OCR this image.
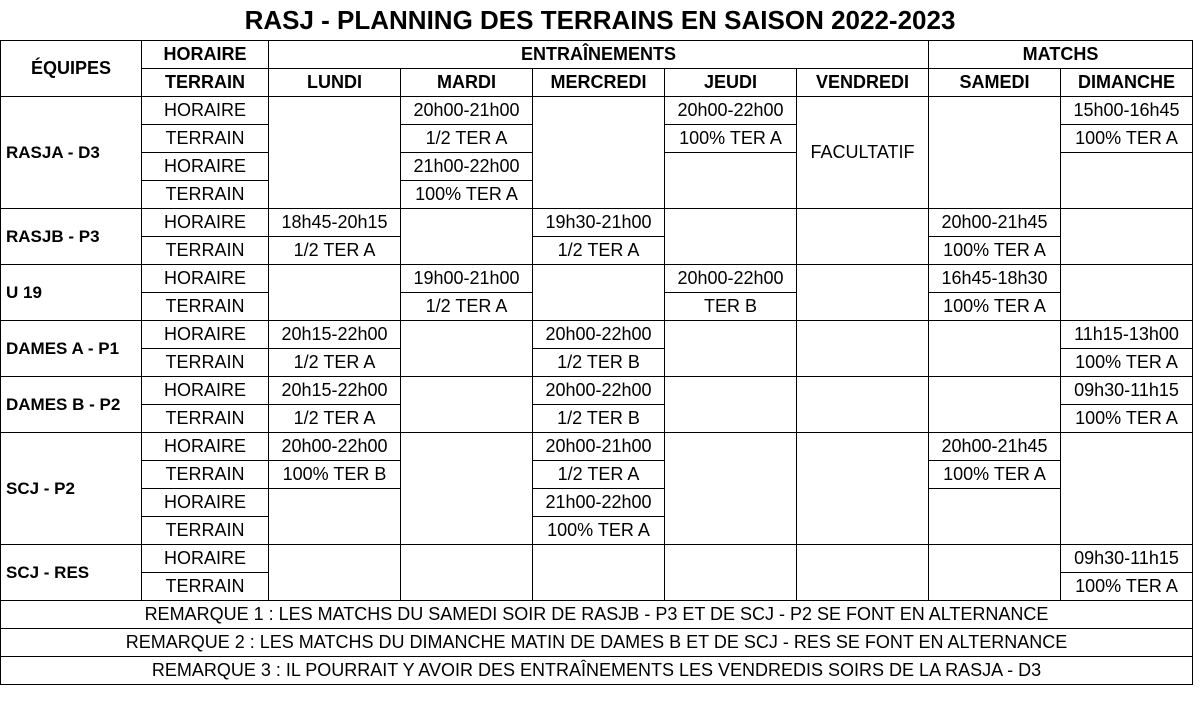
RASJ - PLANNING DES TERRAINS EN SAISON 2022-2023
ÉQUIPES	HORAIRE	ENTRAÎNEMENTS					MATCHS	
	TERRAIN	LUNDI	MARDI	MERCREDI	JEUDI	VENDREDI	SAMEDI	DIMANCHE
RASJA - D3	HORAIRE		20h00-21h00		20h00-22h00	FACULTATIF		15h00-16h45
	TERRAIN		1/2 TER A		100% TER A			100% TER A
	HORAIRE		21h00-22h00					
	TERRAIN		100% TER A					
RASJB - P3	HORAIRE	18h45-20h15		19h30-21h00			20h00-21h45	
	TERRAIN	1/2 TER A		1/2 TER A			100% TER A	
U 19	HORAIRE		19h00-21h00		20h00-22h00		16h45-18h30	
	TERRAIN		1/2 TER A		TER B		100% TER A	
DAMES A - P1	HORAIRE	20h15-22h00		20h00-22h00				11h15-13h00
	TERRAIN	1/2 TER A		1/2 TER B				100% TER A
DAMES B - P2	HORAIRE	20h15-22h00		20h00-22h00				09h30-11h15
	TERRAIN	1/2 TER A		1/2 TER B				100% TER A
SCJ - P2	HORAIRE	20h00-22h00		20h00-21h00			20h00-21h45	
	TERRAIN	100% TER B		1/2 TER A			100% TER A	
	HORAIRE			21h00-22h00				
	TERRAIN			100% TER A				
SCJ - RES	HORAIRE							09h30-11h15
	TERRAIN							100% TER A
REMARQUE 1 : LES MATCHS DU SAMEDI SOIR DE RASJB - P3 ET DE SCJ - P2 SE FONT EN ALTERNANCE								
REMARQUE 2 : LES MATCHS DU DIMANCHE MATIN DE DAMES B ET DE SCJ - RES SE FONT EN ALTERNANCE								
REMARQUE 3 : IL POURRAIT Y AVOIR DES ENTRAÎNEMENTS LES VENDREDIS SOIRS DE LA RASJA - D3								
